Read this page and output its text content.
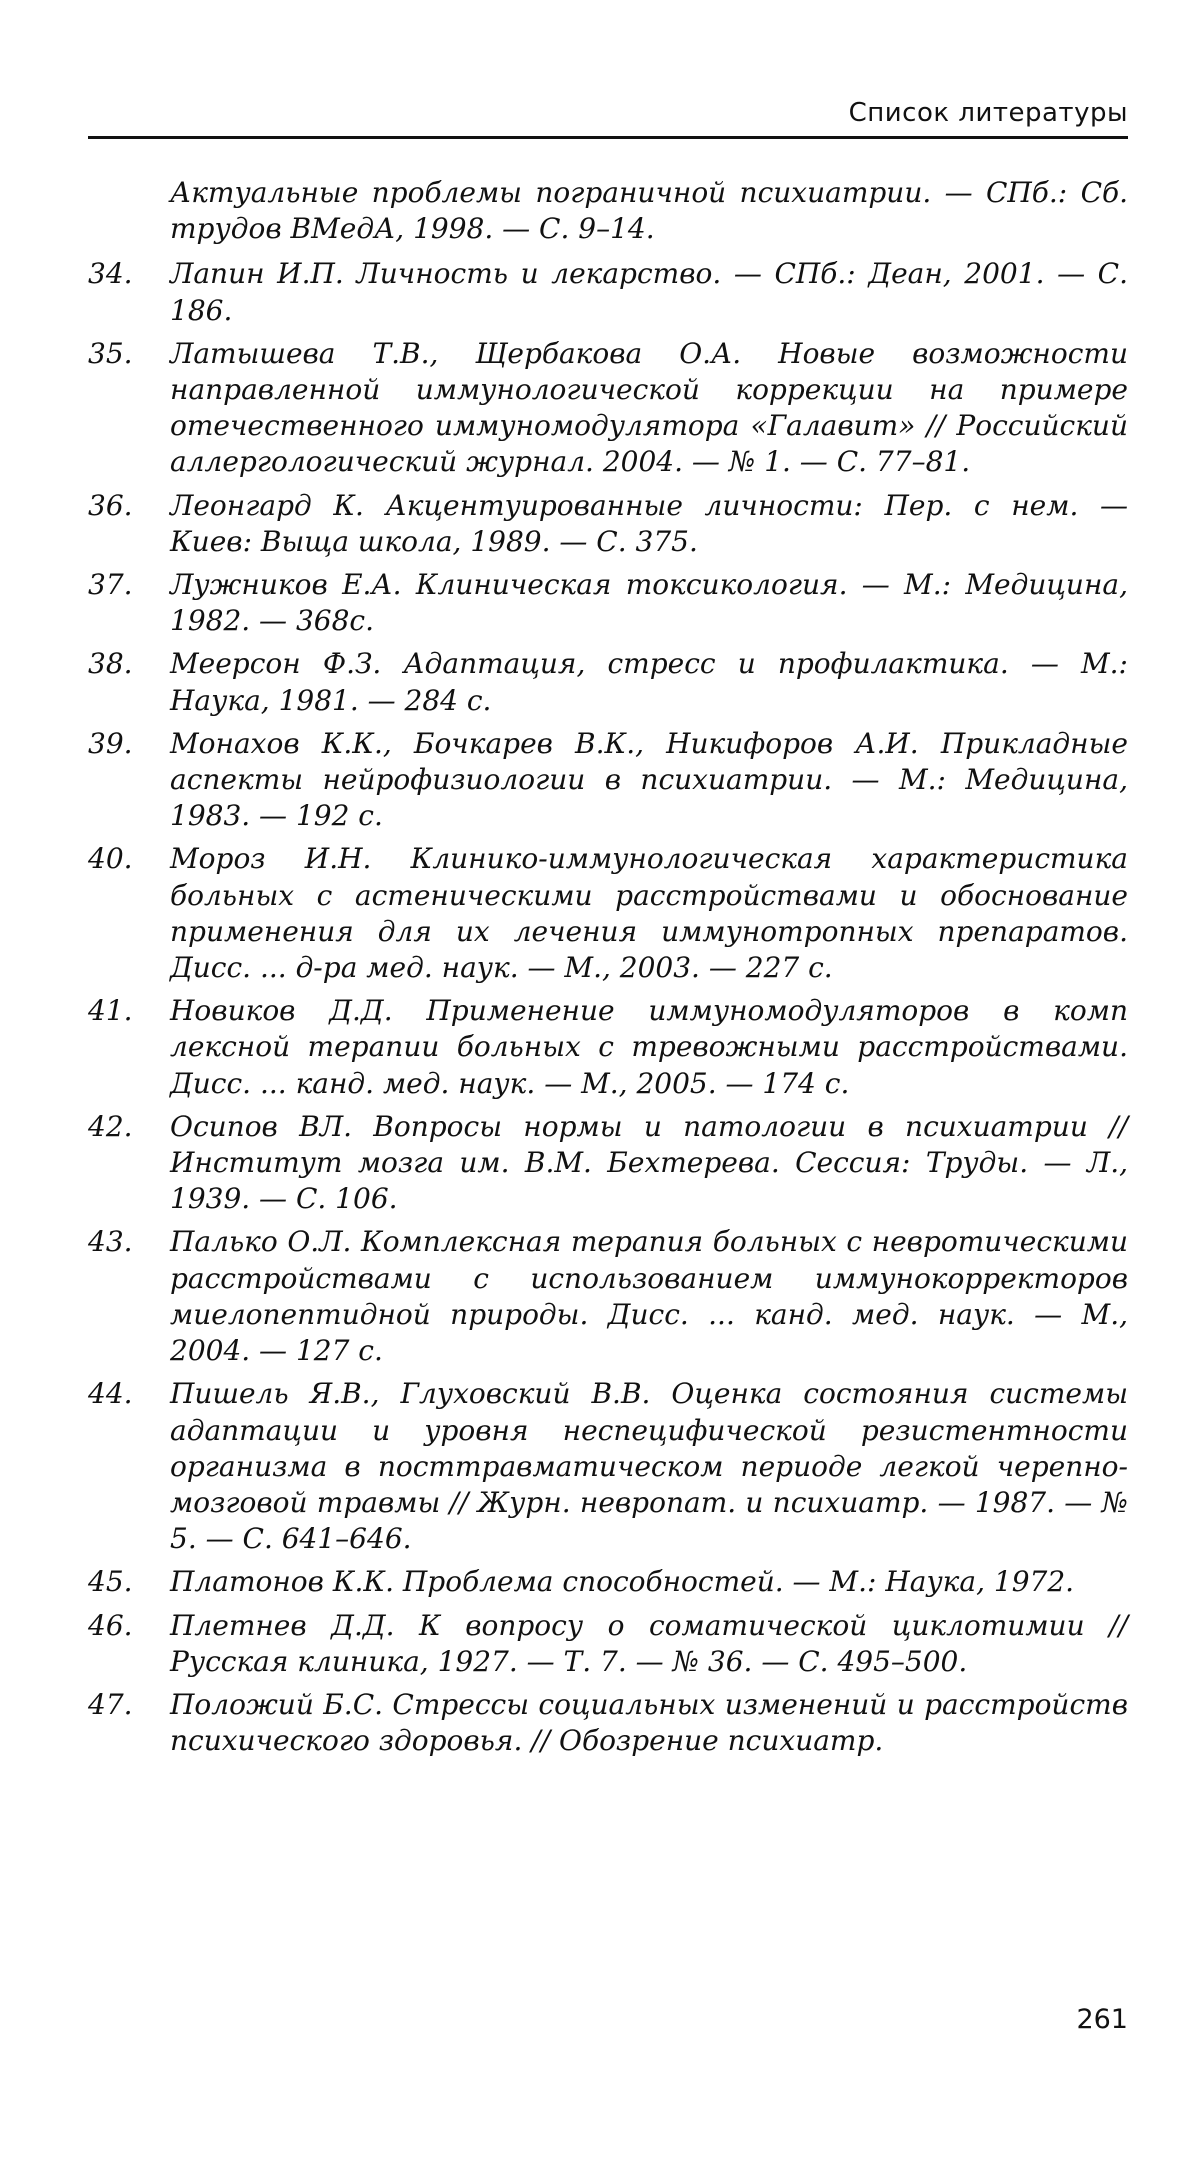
Список литературы
Актуальные проблемы пограничной психиатрии. — СПб.: Сб. трудов ВМедА, 1998. — С. 9–14.
34. Лапин И.П. Личность и лекарство. — СПб.: Деан, 2001. — С. 186.
35. Латышева Т.В., Щербакова О.А. Новые возможности направленной иммунологической коррекции на примере отечественного иммуномодулятора «Галавит» // Российский аллергологический журнал. 2004. — № 1. — С. 77–81.
36. Леонгард К. Акцентуированные личности: Пер. с нем. — Киев: Выща школа, 1989. — С. 375.
37. Лужников Е.А. Клиническая токсикология. — М.: Медицина, 1982. — 368с.
38. Меерсон Ф.З. Адаптация, стресс и профилактика. — М.: Наука, 1981. — 284 с.
39. Монахов К.К., Бочкарев В.К., Никифоров А.И. Прикладные аспекты нейрофизиологии в психиатрии. — М.: Медицина, 1983. — 192 с.
40. Мороз И.Н. Клинико-иммунологическая характеристика больных с астеническими расстройствами и обоснование применения для их лечения иммунотропных препаратов. Дисс. ... д-ра мед. наук. — М., 2003. — 227 с.
41. Новиков Д.Д. Применение иммуномодуляторов в комп лексной терапии больных с тревожными расстройствами. Дисс. ... канд. мед. наук. — М., 2005. — 174 с.
42. Осипов ВЛ. Вопросы нормы и патологии в психиатрии // Институт мозга им. В.М. Бехтерева. Сессия: Труды. — Л., 1939. — С. 106.
43. Палько О.Л. Комплексная терапия больных с невротическими расстройствами с использованием иммунокорректоров миелопептидной природы. Дисс. ... канд. мед. наук. — М., 2004. — 127 с.
44. Пишель Я.В., Глуховский В.В. Оценка состояния системы адаптации и уровня неспецифической резистентности организма в посттравматическом периоде легкой черепно-мозговой травмы // Журн. невропат. и психиатр. — 1987. — № 5. — С. 641–646.
45. Платонов К.К. Проблема способностей. — М.: Наука, 1972.
46. Плетнев Д.Д. К вопросу о соматической циклотимии // Русская клиника, 1927. — Т. 7. — № 36. — С. 495–500.
47. Положий Б.С. Стрессы социальных изменений и расстройств психического здоровья. // Обозрение психиатр.
261
